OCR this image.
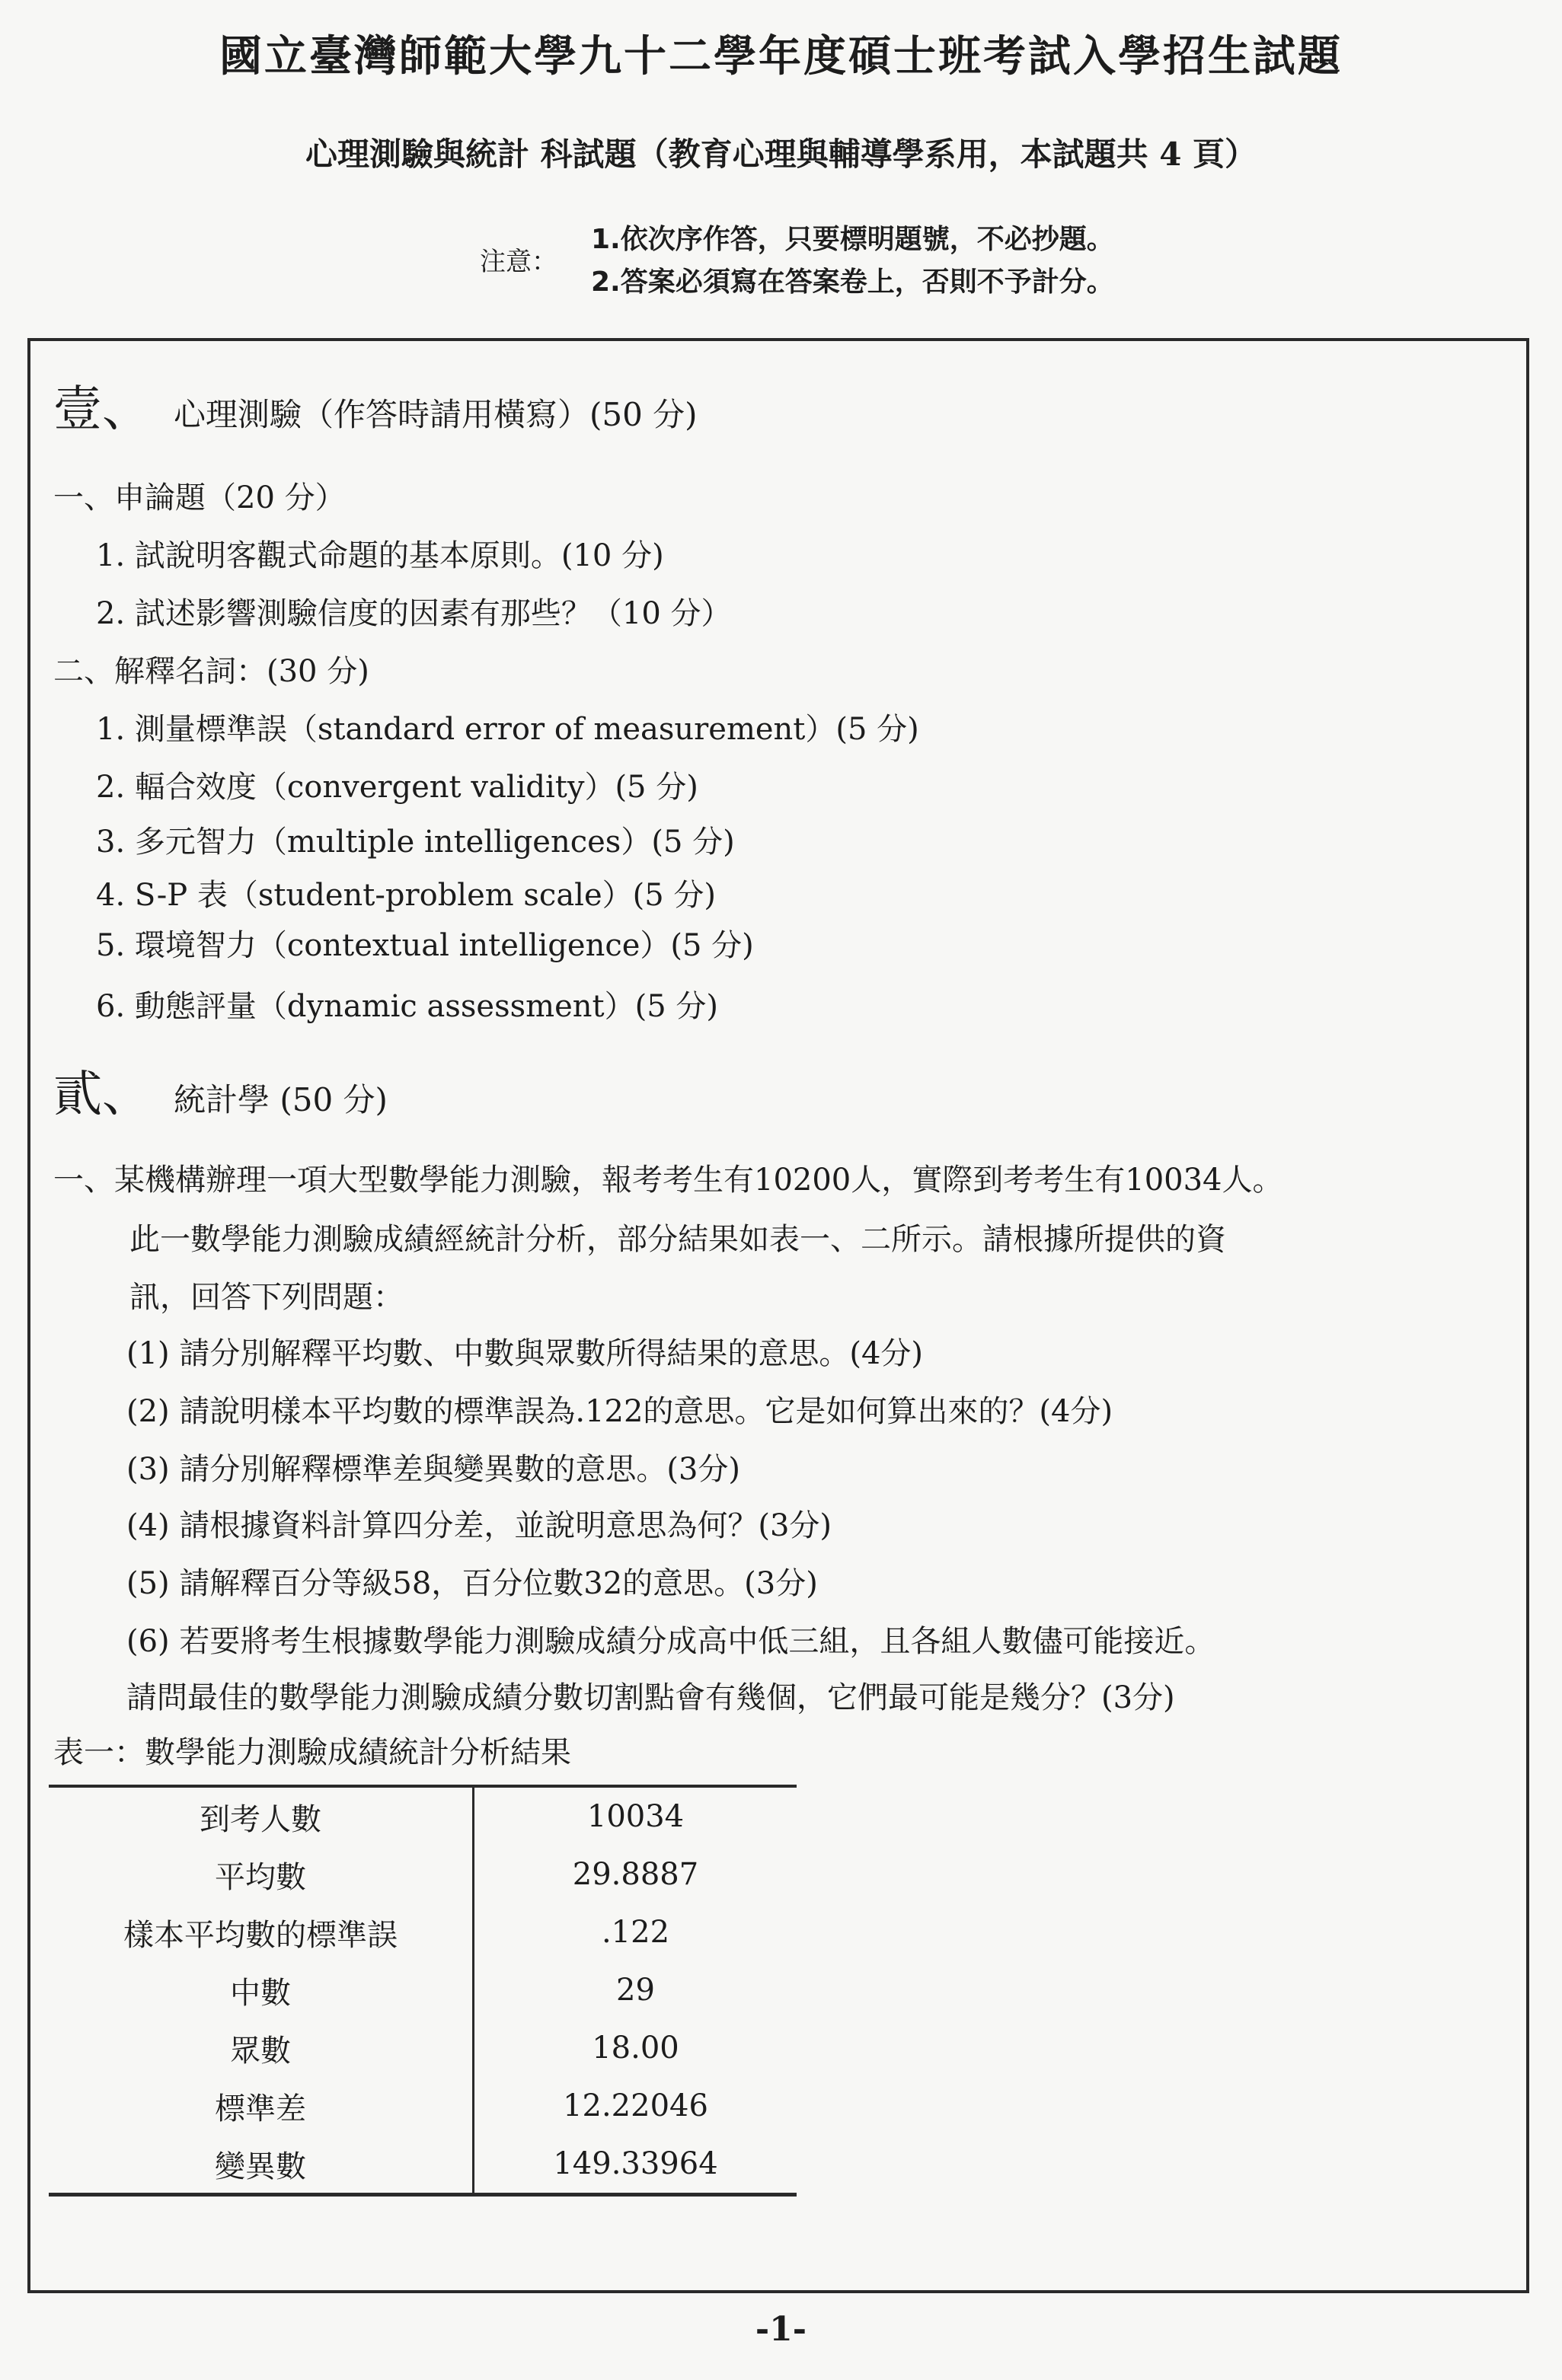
國立臺灣師範大學九十二學年度碩士班考試入學招生試題
心理測驗與統計 科試題（教育心理與輔導學系用，本試題共 4 頁）
注意：
1.依次序作答，只要標明題號，不必抄題。
2.答案必須寫在答案卷上，否則不予計分。
壹、 心理測驗（作答時請用橫寫）(50 分)
一、申論題（20 分）
1. 試說明客觀式命題的基本原則。(10 分)
2. 試述影響測驗信度的因素有那些？（10 分）
二、解釋名詞：(30 分)
1. 測量標準誤（standard error of measurement）(5 分)
2. 輻合效度（convergent validity）(5 分)
3. 多元智力（multiple intelligences）(5 分)
4. S-P 表（student-problem scale）(5 分)
5. 環境智力（contextual intelligence）(5 分)
6. 動態評量（dynamic assessment）(5 分)
貳、 統計學 (50 分)
一、某機構辦理一項大型數學能力測驗，報考考生有10200人，實際到考考生有10034人。
此一數學能力測驗成績經統計分析，部分結果如表一、二所示。請根據所提供的資
訊，回答下列問題：
(1) 請分別解釋平均數、中數與眾數所得結果的意思。(4分)
(2) 請說明樣本平均數的標準誤為.122的意思。它是如何算出來的？(4分)
(3) 請分別解釋標準差與變異數的意思。(3分)
(4) 請根據資料計算四分差，並說明意思為何？(3分)
(5) 請解釋百分等級58，百分位數32的意思。(3分)
(6) 若要將考生根據數學能力測驗成績分成高中低三組，且各組人數儘可能接近。
請問最佳的數學能力測驗成績分數切割點會有幾個，它們最可能是幾分？(3分)
表一：數學能力測驗成績統計分析結果
到考人數	10034
平均數	29.8887
樣本平均數的標準誤	.122
中數	29
眾數	18.00
標準差	12.22046
變異數	149.33964
-1-
